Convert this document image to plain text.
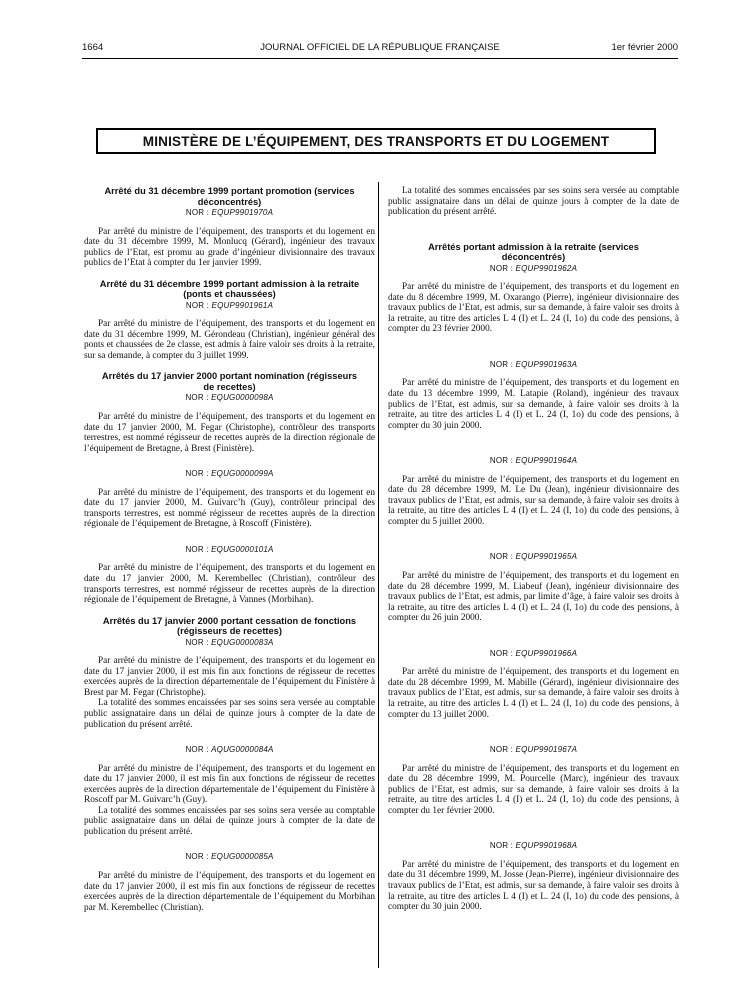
1664	JOURNAL OFFICIEL DE LA RÉPUBLIQUE FRANÇAISE	1er février 2000
MINISTÈRE DE L’ÉQUIPEMENT, DES TRANSPORTS ET DU LOGEMENT
Arrêté du 31 décembre 1999 portant promotion (services déconcentrés)
NOR : EQUP9901970A

Par arrêté du ministre de l’équipement, des transports et du logement en date du 31 décembre 1999, M. Monlucq (Gérard), ingénieur des travaux publics de l’Etat, est promu au grade d’ingénieur divisionnaire des travaux publics de l’Etat à compter du 1er janvier 1999.

Arrêté du 31 décembre 1999 portant admission à la retraite (ponts et chaussées)
NOR : EQUP9901961A

Par arrêté du ministre de l’équipement, des transports et du logement en date du 31 décembre 1999, M. Gérondeau (Christian), ingénieur général des ponts et chaussées de 2e classe, est admis à faire valoir ses droits à la retraite, sur sa demande, à compter du 3 juillet 1999.

Arrêtés du 17 janvier 2000 portant nomination (régisseurs de recettes)
NOR : EQUG0000098A

Par arrêté du ministre de l’équipement, des transports et du logement en date du 17 janvier 2000, M. Fegar (Christophe), contrôleur des transports terrestres, est nommé régisseur de recettes auprès de la direction régionale de l’équipement de Bretagne, à Brest (Finistère).

NOR : EQUG0000099A

Par arrêté du ministre de l’équipement, des transports et du logement en date du 17 janvier 2000, M. Guivarc’h (Guy), contrôleur principal des transports terrestres, est nommé régisseur de recettes auprès de la direction régionale de l’équipement de Bretagne, à Roscoff (Finistère).

NOR : EQUG0000101A

Par arrêté du ministre de l’équipement, des transports et du logement en date du 17 janvier 2000, M. Kerembellec (Christian), contrôleur des transports terrestres, est nommé régisseur de recettes auprès de la direction régionale de l’équipement de Bretagne, à Vannes (Morbihan).

Arrêtés du 17 janvier 2000 portant cessation de fonctions (régisseurs de recettes)
NOR : EQUG0000083A

Par arrêté du ministre de l’équipement, des transports et du logement en date du 17 janvier 2000, il est mis fin aux fonctions de régisseur de recettes exercées auprès de la direction départementale de l’équipement du Finistère à Brest par M. Fegar (Christophe).

La totalité des sommes encaissées par ses soins sera versée au comptable public assignataire dans un délai de quinze jours à compter de la date de publication du présent arrêté.

NOR : AQUG0000084A

Par arrêté du ministre de l’équipement, des transports et du logement en date du 17 janvier 2000, il est mis fin aux fonctions de régisseur de recettes exercées auprès de la direction départementale de l’équipement du Finistère à Roscoff par M. Guivarc’h (Guy).

La totalité des sommes encaissées par ses soins sera versée au comptable public assignataire dans un délai de quinze jours à compter de la date de publication du présent arrêté.

NOR : EQUG0000085A

Par arrêté du ministre de l’équipement, des transports et du logement en date du 17 janvier 2000, il est mis fin aux fonctions de régisseur de recettes exercées auprès de la direction départementale de l’équipement du Morbihan par M. Kerembellec (Christian).

La totalité des sommes encaissées par ses soins sera versée au comptable public assignataire dans un délai de quinze jours à compter de la date de publication du présent arrêté.

Arrêtés portant admission à la retraite (services déconcentrés)
NOR : EQUP9901962A

Par arrêté du ministre de l’équipement, des transports et du logement en date du 8 décembre 1999, M. Oxarango (Pierre), ingénieur divisionnaire des travaux publics de l’Etat, est admis, sur sa demande, à faire valoir ses droits à la retraite, au titre des articles L 4 (I) et L. 24 (I, 1o) du code des pensions, à compter du 23 février 2000.

NOR : EQUP9901963A

Par arrêté du ministre de l’équipement, des transports et du logement en date du 13 décembre 1999, M. Latapie (Roland), ingénieur des travaux publics de l’Etat, est admis, sur sa demande, à faire valoir ses droits à la retraite, au titre des articles L 4 (I) et L. 24 (I, 1o) du code des pensions, à compter du 30 juin 2000.

NOR : EQUP9901964A

Par arrêté du ministre de l’équipement, des transports et du logement en date du 28 décembre 1999, M. Le Du (Jean), ingénieur divisionnaire des travaux publics de l’Etat, est admis, sur sa demande, à faire valoir ses droits à la retraite, au titre des articles L 4 (I) et L. 24 (I, 1o) du code des pensions, à compter du 5 juillet 2000.

NOR : EQUP9901965A

Par arrêté du ministre de l’équipement, des transports et du logement en date du 28 décembre 1999, M. Liabeuf (Jean), ingénieur divisionnaire des travaux publics de l’Etat, est admis, par limite d’âge, à faire valoir ses droits à la retraite, au titre des articles L 4 (I) et L. 24 (I, 1o) du code des pensions, à compter du 26 juin 2000.

NOR : EQUP9901966A

Par arrêté du ministre de l’équipement, des transports et du logement en date du 28 décembre 1999, M. Mabille (Gérard), ingénieur divisionnaire des travaux publics de l’Etat, est admis, sur sa demande, à faire valoir ses droits à la retraite, au titre des articles L 4 (I) et L. 24 (I, 1o) du code des pensions, à compter du 13 juillet 2000.

NOR : EQUP9901967A

Par arrêté du ministre de l’équipement, des transports et du logement en date du 28 décembre 1999, M. Pourcelle (Marc), ingénieur des travaux publics de l’Etat, est admis, sur sa demande, à faire valoir ses droits à la retraite, au titre des articles L 4 (I) et L. 24 (I, 1o) du code des pensions, à compter du 1er février 2000.

NOR : EQUP9901968A

Par arrêté du ministre de l’équipement, des transports et du logement en date du 31 décembre 1999, M. Josse (Jean-Pierre), ingénieur divisionnaire des travaux publics de l’Etat, est admis, sur sa demande, à faire valoir ses droits à la retraite, au titre des articles L 4 (I) et L. 24 (I, 1o) du code des pensions, à compter du 30 juin 2000.
